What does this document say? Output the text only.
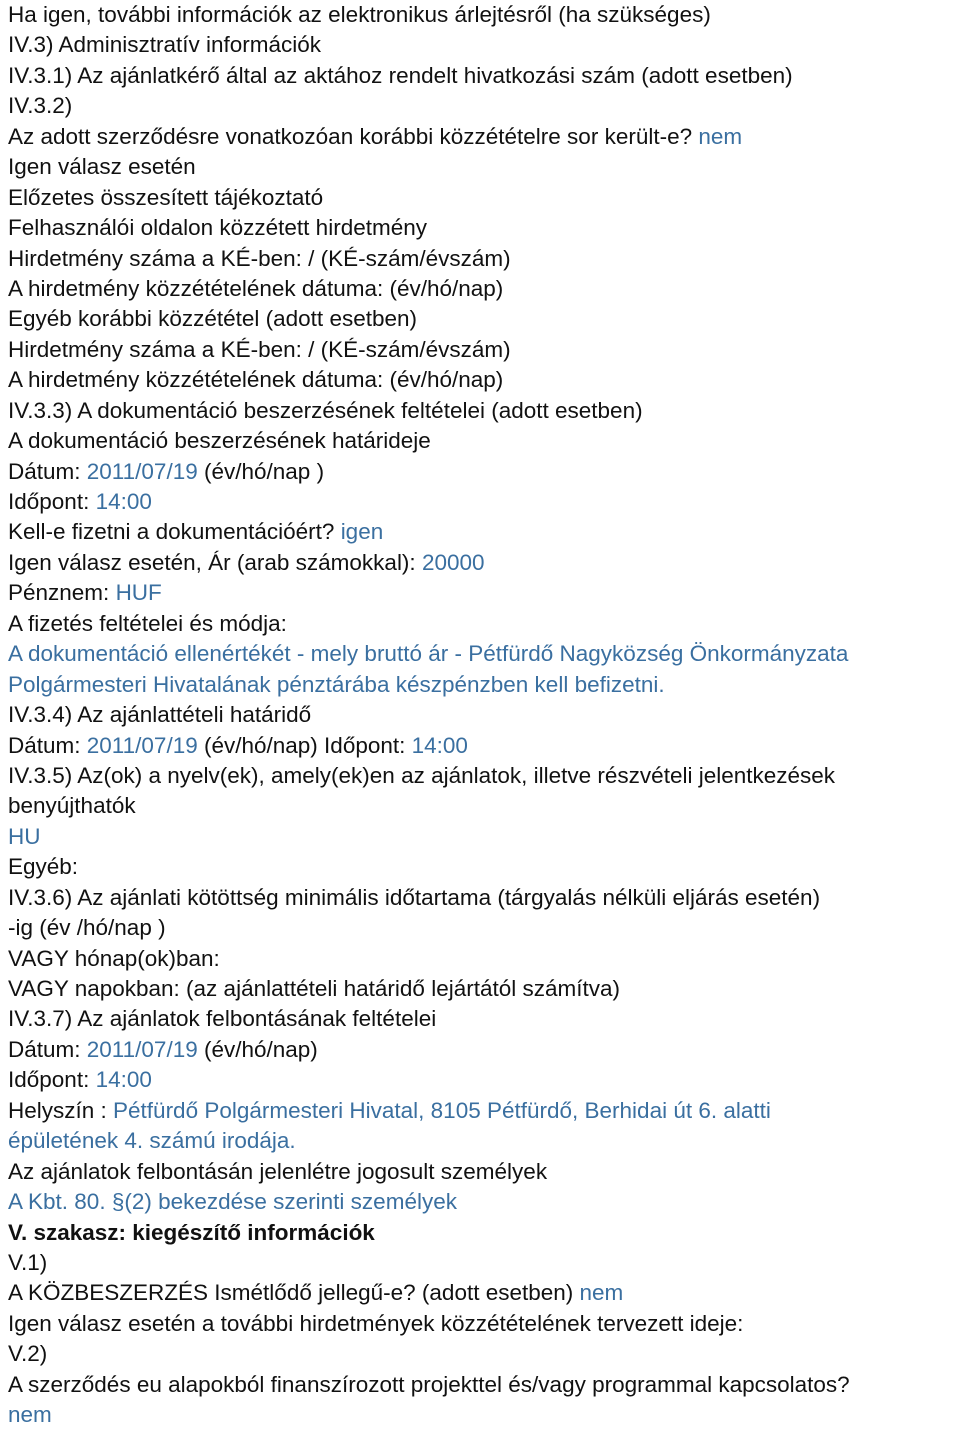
Ha igen, további információk az elektronikus árlejtésről (ha szükséges)
IV.3) Adminisztratív információk
IV.3.1) Az ajánlatkérő által az aktához rendelt hivatkozási szám (adott esetben)
IV.3.2)
Az adott szerződésre vonatkozóan korábbi közzétételre sor került-e? nem
Igen válasz esetén
Előzetes összesített tájékoztató
Felhasználói oldalon közzétett hirdetmény
Hirdetmény száma a KÉ-ben: / (KÉ-szám/évszám)
A hirdetmény közzétételének dátuma: (év/hó/nap)
Egyéb korábbi közzététel (adott esetben)
Hirdetmény száma a KÉ-ben: / (KÉ-szám/évszám)
A hirdetmény közzétételének dátuma: (év/hó/nap)
IV.3.3) A dokumentáció beszerzésének feltételei (adott esetben)
A dokumentáció beszerzésének határideje
Dátum: 2011/07/19 (év/hó/nap )
Időpont: 14:00
Kell-e fizetni a dokumentációért? igen
Igen válasz esetén, Ár (arab számokkal): 20000
Pénznem: HUF
A fizetés feltételei és módja:
A dokumentáció ellenértékét - mely bruttó ár - Pétfürdő Nagyközség Önkormányzata
Polgármesteri Hivatalának pénztárába készpénzben kell befizetni.
IV.3.4) Az ajánlattételi határidő
Dátum: 2011/07/19 (év/hó/nap) Időpont: 14:00
IV.3.5) Az(ok) a nyelv(ek), amely(ek)en az ajánlatok, illetve részvételi jelentkezések
benyújthatók
HU
Egyéb:
IV.3.6) Az ajánlati kötöttség minimális időtartama (tárgyalás nélküli eljárás esetén)
-ig (év /hó/nap )
VAGY hónap(ok)ban:
VAGY napokban: (az ajánlattételi határidő lejártától számítva)
IV.3.7) Az ajánlatok felbontásának feltételei
Dátum: 2011/07/19 (év/hó/nap)
Időpont: 14:00
Helyszín : Pétfürdő Polgármesteri Hivatal, 8105 Pétfürdő, Berhidai út 6. alatti
épületének 4. számú irodája.
Az ajánlatok felbontásán jelenlétre jogosult személyek
A Kbt. 80. §(2) bekezdése szerinti személyek
V. szakasz: kiegészítő információk
V.1)
A KÖZBESZERZÉS Ismétlődő jellegű-e? (adott esetben) nem
Igen válasz esetén a további hirdetmények közzétételének tervezett ideje:
V.2)
A szerződés eu alapokból finanszírozott projekttel és/vagy programmal kapcsolatos?
nem
